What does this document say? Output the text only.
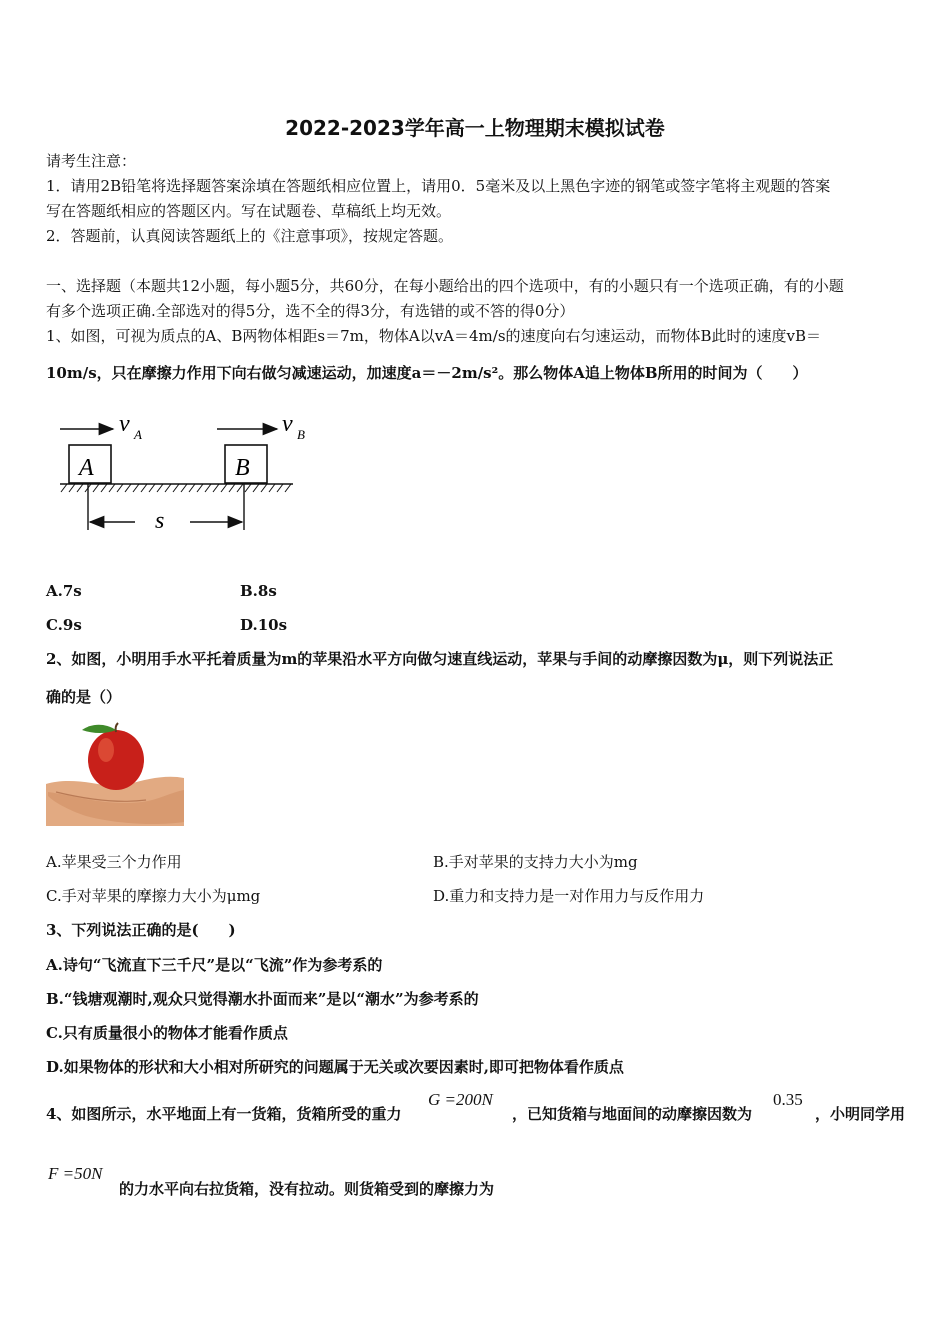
2022-2023学年高一上物理期末模拟试卷
请考生注意：
1．请用2B铅笔将选择题答案涂填在答题纸相应位置上，请用0．5毫米及以上黑色字迹的钢笔或签字笔将主观题的答案
写在答题纸相应的答题区内。写在试题卷、草稿纸上均无效。
2．答题前，认真阅读答题纸上的《注意事项》，按规定答题。
一、选择题（本题共12小题，每小题5分，共60分，在每小题给出的四个选项中，有的小题只有一个选项正确，有的小题
有多个选项正确.全部选对的得5分，选不全的得3分，有选错的或不答的得0分）
1、如图，可视为质点的A、B两物体相距s＝7m，物体A以vA＝4m/s的速度向右匀速运动，而物体B此时的速度vB＝
10m/s，只在摩擦力作用下向右做匀减速运动，加速度a＝－2m/s²。那么物体A追上物体B所用的时间为（　　）
v A	v B
A	B
s
A.7s	B.8s
C.9s	D.10s
2、如图，小明用手水平托着质量为m的苹果沿水平方向做匀速直线运动，苹果与手间的动摩擦因数为μ，则下列说法正
确的是（）
A.苹果受三个力作用	B.手对苹果的支持力大小为mg
C.手对苹果的摩擦力大小为μmg	D.重力和支持力是一对作用力与反作用力
3、下列说法正确的是(　　)
A.诗句“飞流直下三千尺”是以“飞流”作为参考系的
B.“钱塘观潮时,观众只觉得潮水扑面而来”是以“潮水”为参考系的
C.只有质量很小的物体才能看作质点
D.如果物体的形状和大小相对所研究的问题属于无关或次要因素时,即可把物体看作质点
4、如图所示，水平地面上有一货箱，货箱所受的重力
G =200N
，已知货箱与地面间的动摩擦因数为
0.35
，小明同学用
F =50N
的力水平向右拉货箱，没有拉动。则货箱受到的摩擦力为
